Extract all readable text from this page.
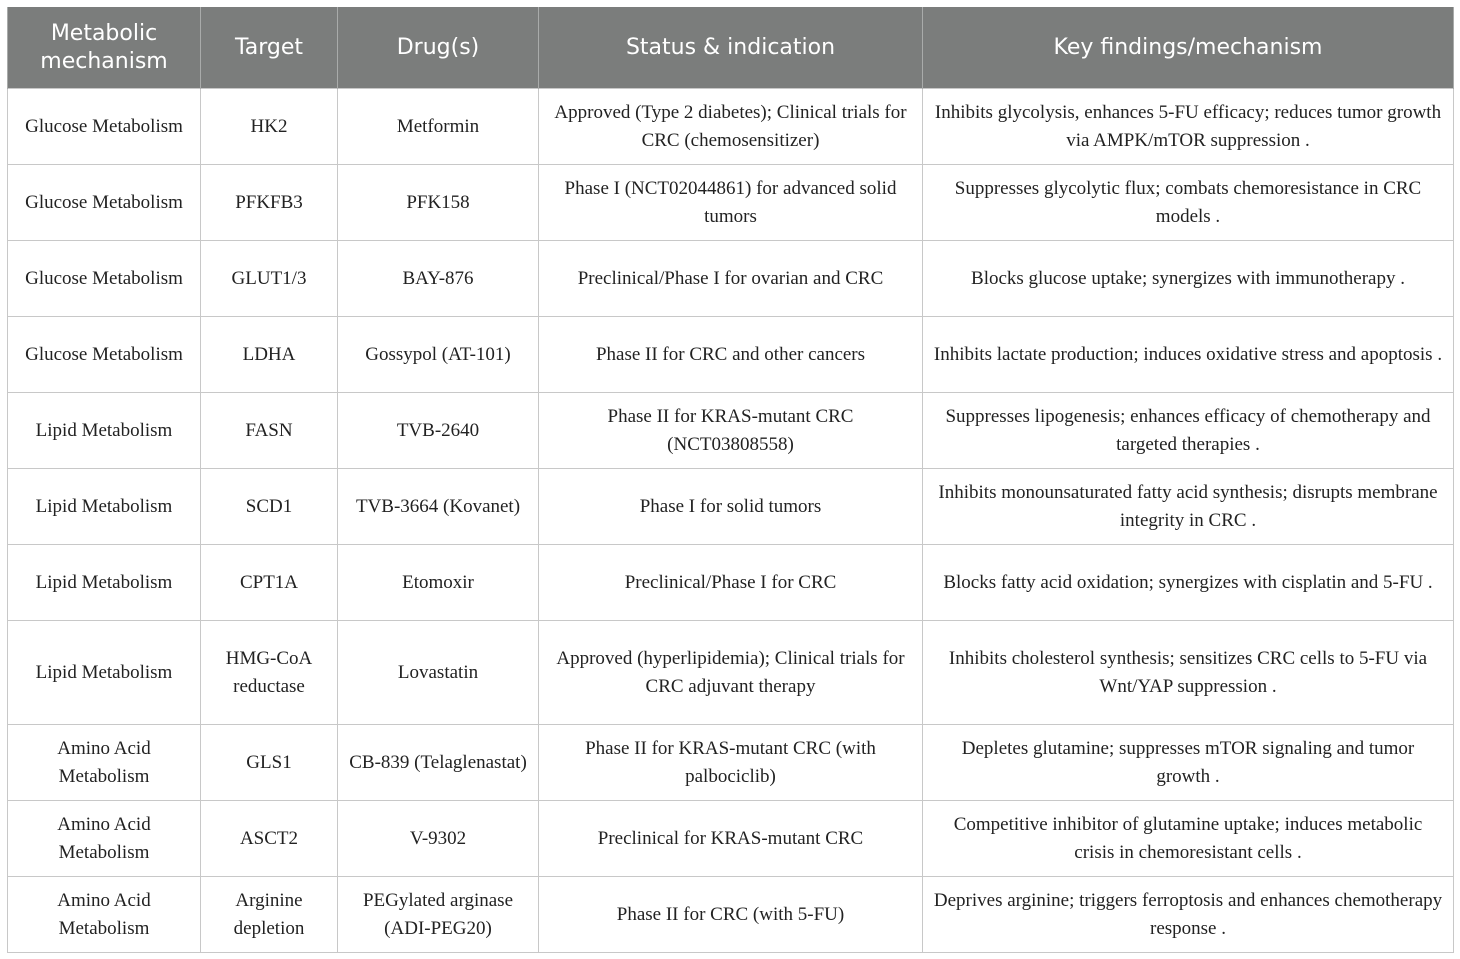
Metabolic mechanism	Target	Drug(s)	Status & indication	Key findings/mechanism
Glucose Metabolism	HK2	Metformin	Approved (Type 2 diabetes); Clinical trials for CRC (chemosensitizer)	Inhibits glycolysis, enhances 5-FU efficacy; reduces tumor growth via AMPK/mTOR suppression .
Glucose Metabolism	PFKFB3	PFK158	Phase I (NCT02044861) for advanced solid tumors	Suppresses glycolytic flux; combats chemoresistance in CRC models .
Glucose Metabolism	GLUT1/3	BAY-876	Preclinical/Phase I for ovarian and CRC	Blocks glucose uptake; synergizes with immunotherapy .
Glucose Metabolism	LDHA	Gossypol (AT-101)	Phase II for CRC and other cancers	Inhibits lactate production; induces oxidative stress and apoptosis .
Lipid Metabolism	FASN	TVB-2640	Phase II for KRAS-mutant CRC (NCT03808558)	Suppresses lipogenesis; enhances efficacy of chemotherapy and targeted therapies .
Lipid Metabolism	SCD1	TVB-3664 (Kovanet)	Phase I for solid tumors	Inhibits monounsaturated fatty acid synthesis; disrupts membrane integrity in CRC .
Lipid Metabolism	CPT1A	Etomoxir	Preclinical/Phase I for CRC	Blocks fatty acid oxidation; synergizes with cisplatin and 5-FU .
Lipid Metabolism	HMG-CoA reductase	Lovastatin	Approved (hyperlipidemia); Clinical trials for CRC adjuvant therapy	Inhibits cholesterol synthesis; sensitizes CRC cells to 5-FU via Wnt/YAP suppression .
Amino Acid Metabolism	GLS1	CB-839 (Telaglenastat)	Phase II for KRAS-mutant CRC (with palbociclib)	Depletes glutamine; suppresses mTOR signaling and tumor growth .
Amino Acid Metabolism	ASCT2	V-9302	Preclinical for KRAS-mutant CRC	Competitive inhibitor of glutamine uptake; induces metabolic crisis in chemoresistant cells .
Amino Acid Metabolism	Arginine depletion	PEGylated arginase (ADI-PEG20)	Phase II for CRC (with 5-FU)	Deprives arginine; triggers ferroptosis and enhances chemotherapy response .
